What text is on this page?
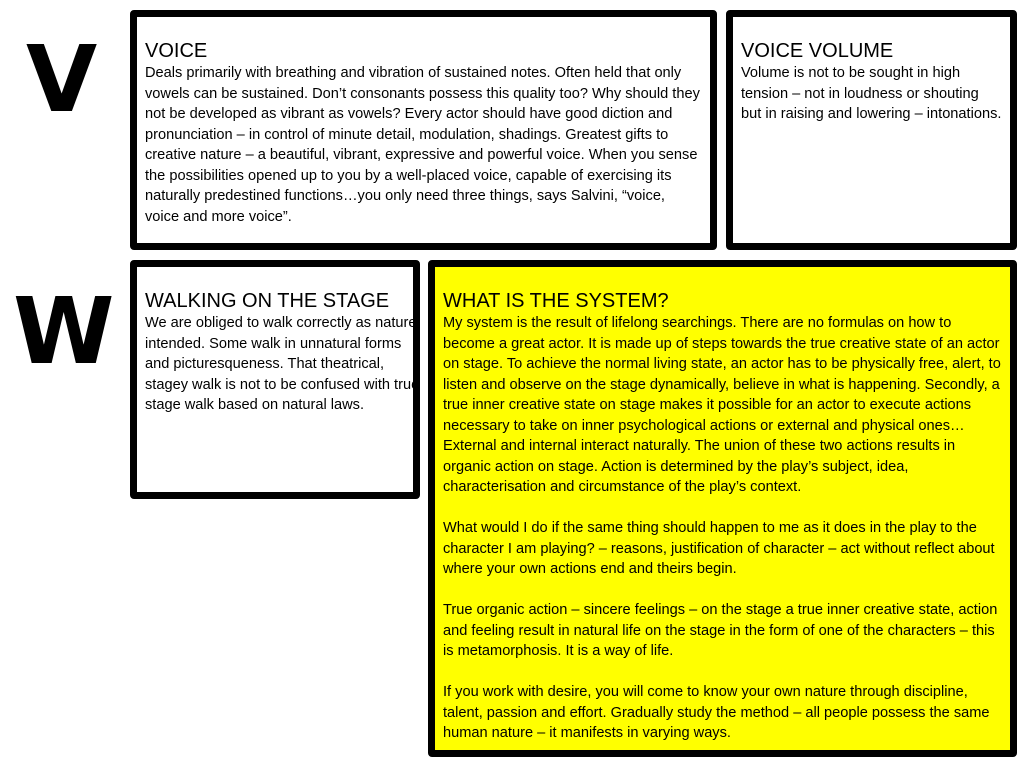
V
W
VOICE

Deals primarily with breathing and vibration of sustained notes. Often held that only vowels can be sustained. Don’t consonants possess this quality too? Why should they not be developed as vibrant as vowels? Every actor should have good diction and pronunciation – in control of minute detail, modulation, shadings. Greatest gifts to creative nature – a beautiful, vibrant, expressive and powerful voice. When you sense the possibilities opened up to you by a well-placed voice, capable of exercising its naturally predestined functions…you only need three things, says Salvini, “voice, voice and more voice”.

VOICE VOLUME

Volume is not to be sought in high tension – not in loudness or shouting but in raising and lowering – intonations.

WALKING ON THE STAGE

We are obliged to walk correctly as nature intended. Some walk in unnatural forms and picturesqueness. That theatrical, stagey walk is not to be confused with true stage walk based on natural laws.

WHAT IS THE SYSTEM?

My system is the result of lifelong searchings. There are no formulas on how to become a great actor. It is made up of steps towards the true creative state of an actor on stage. To achieve the normal living state, an actor has to be physically free, alert, to listen and observe on the stage dynamically, believe in what is happening. Secondly, a true inner creative state on stage makes it possible for an actor to execute actions necessary to take on inner psychological actions or external and physical ones… External and internal interact naturally. The union of these two actions results in organic action on stage. Action is determined by the play’s subject, idea, characterisation and circumstance of the play’s context.

What would I do if the same thing should happen to me as it does in the play to the character I am playing? – reasons, justification of character – act without reflect about where your own actions end and theirs begin.

True organic action – sincere feelings – on the stage a true inner creative state, action and feeling result in natural life on the stage in the form of one of the characters – this is metamorphosis. It is a way of life.

If you work with desire, you will come to know your own nature through discipline, talent, passion and effort. Gradually study the method – all people possess the same human nature – it manifests in varying ways.
